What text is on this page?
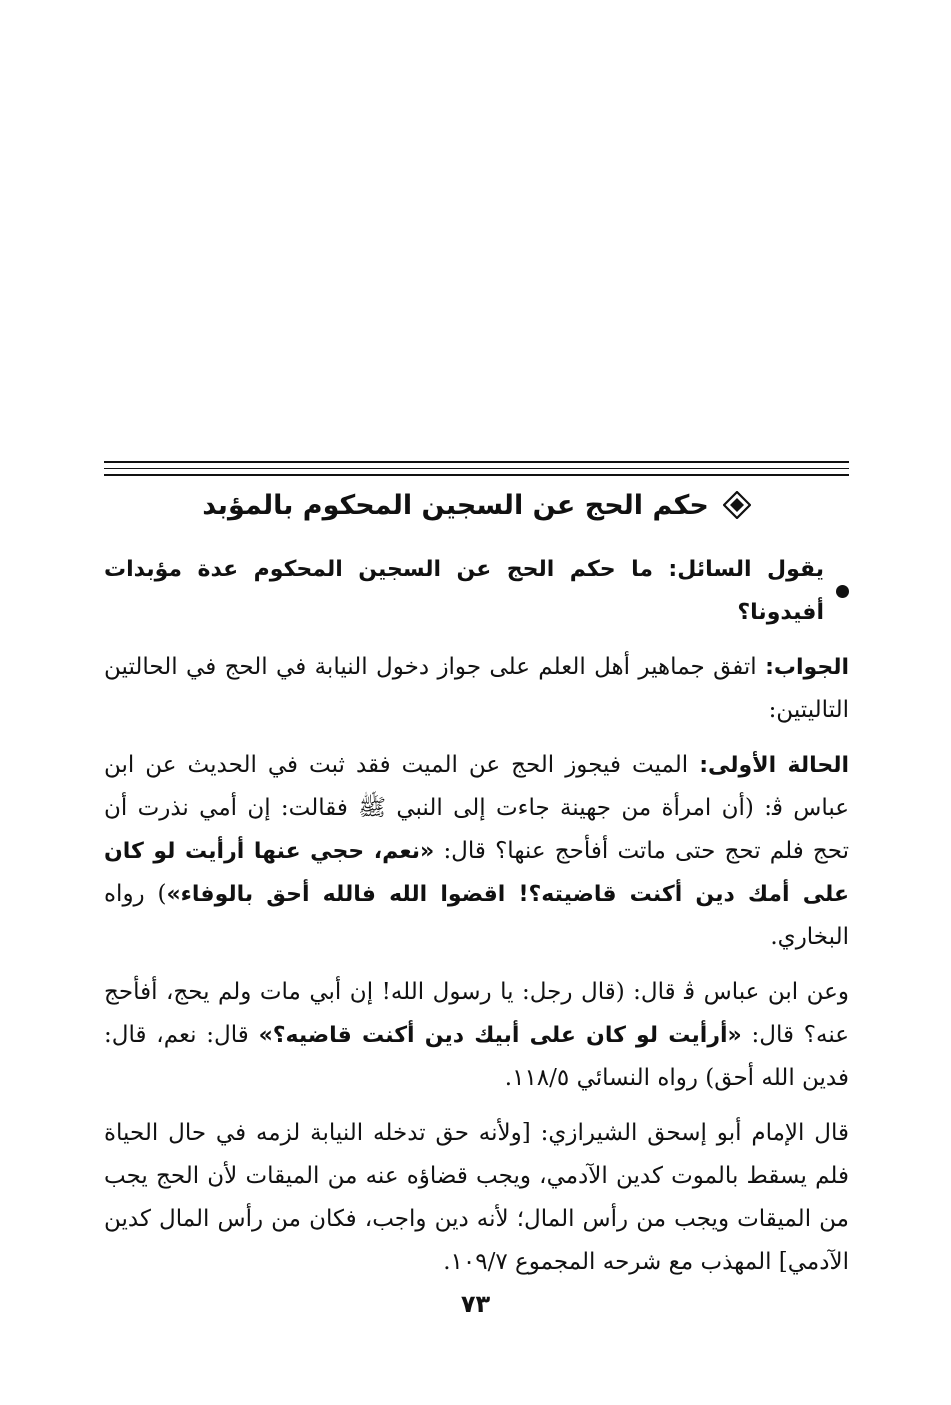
حكم الحج عن السجين المحكوم بالمؤبد
يقول السائل: ما حكم الحج عن السجين المحكوم عدة مؤبدات أفيدونا؟

الجواب: اتفق جماهير أهل العلم على جواز دخول النيابة في الحج في الحالتين التاليتين:

الحالة الأولى: الميت فيجوز الحج عن الميت فقد ثبت في الحديث عن ابن عباس ﭬ: (أن امرأة من جهينة جاءت إلى النبي ﷺ فقالت: إن أمي نذرت أن تحج فلم تحج حتى ماتت أفأحج عنها؟ قال: «نعم، حجي عنها أرأيت لو كان على أمك دين أكنت قاضيته؟! اقضوا الله فالله أحق بالوفاء») رواه البخاري.

وعن ابن عباس ﭬ قال: (قال رجل: يا رسول الله! إن أبي مات ولم يحج، أفأحج عنه؟ قال: «أرأيت لو كان على أبيك دين أكنت قاضيه؟» قال: نعم، قال: فدين الله أحق) رواه النسائي ١١٨/٥.

قال الإمام أبو إسحق الشيرازي: [ولأنه حق تدخله النيابة لزمه في حال الحياة فلم يسقط بالموت كدين الآدمي، ويجب قضاؤه عنه من الميقات لأن الحج يجب من الميقات ويجب من رأس المال؛ لأنه دين واجب، فكان من رأس المال كدين الآدمي] المهذب مع شرحه المجموع ١٠٩/٧.

٧٣
